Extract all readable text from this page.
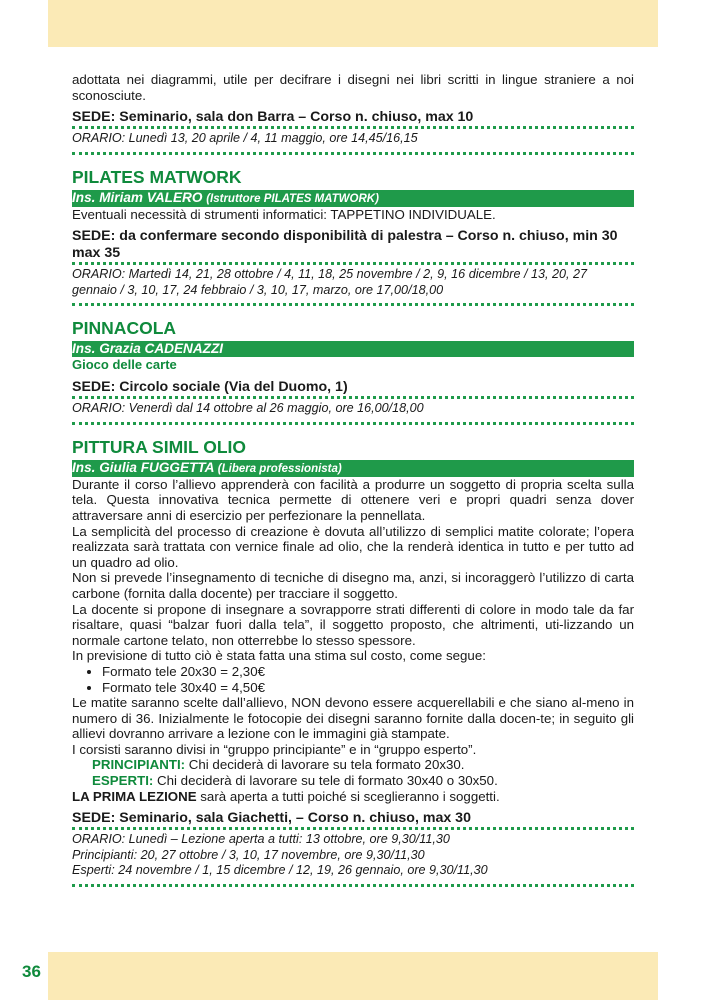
adottata nei diagrammi, utile per decifrare i disegni nei libri scritti in lingue straniere a noi sconosciute.

SEDE: Seminario, sala don Barra – Corso n. chiuso, max 10
ORARIO: Lunedì 13, 20 aprile / 4, 11 maggio, ore 14,45/16,15
PILATES MATWORK
Ins. Miriam VALERO (Istruttore PILATES MATWORK)

Eventuali necessità di strumenti informatici: TAPPETINO INDIVIDUALE.

SEDE: da confermare secondo disponibilità di palestra – Corso n. chiuso, min 30 max 35
ORARIO: Martedì 14, 21, 28 ottobre / 4, 11, 18, 25 novembre / 2, 9, 16 dicembre / 13, 20, 27 gennaio / 3, 10, 17, 24 febbraio / 3, 10, 17, marzo, ore 17,00/18,00
PINNACOLA
Ins. Grazia CADENAZZI
Gioco delle carte
SEDE: Circolo sociale (Via del Duomo, 1)
ORARIO: Venerdì dal 14 ottobre al 26 maggio, ore 16,00/18,00
PITTURA SIMIL OLIO
Ins. Giulia FUGGETTA (Libera professionista)

Durante il corso l’allievo apprenderà con facilità a produrre un soggetto di propria scelta sulla tela. Questa innovativa tecnica permette di ottenere veri e propri quadri senza dover attraversare anni di esercizio per perfezionare la pennellata.

La semplicità del processo di creazione è dovuta all’utilizzo di semplici matite colorate; l’opera realizzata sarà trattata con vernice finale ad olio, che la renderà identica in tutto e per tutto ad un quadro ad olio.

Non si prevede l’insegnamento di tecniche di disegno ma, anzi, si incoraggerò l’utilizzo di carta carbone (fornita dalla docente) per tracciare il soggetto.

La docente si propone di insegnare a sovrapporre strati differenti di colore in modo tale da far risaltare, quasi “balzar fuori dalla tela”, il soggetto proposto, che altrimenti, uti-lizzando un normale cartone telato, non otterrebbe lo stesso spessore.

In previsione di tutto ciò è stata fatta una stima sul costo, come segue:

• Formato tele 20x30 = 2,30€
• Formato tele 30x40 = 4,50€

Le matite saranno scelte dall’allievo, NON devono essere acquerellabili e che siano al-meno in numero di 36. Inizialmente le fotocopie dei disegni saranno fornite dalla docen-te; in seguito gli allievi dovranno arrivare a lezione con le immagini già stampate.

I corsisti saranno divisi in “gruppo principiante” e in “gruppo esperto”.

PRINCIPIANTI: Chi deciderà di lavorare su tela formato 20x30.
ESPERTI: Chi deciderà di lavorare su tele di formato 30x40 o 30x50.
LA PRIMA LEZIONE sarà aperta a tutti poiché si sceglieranno i soggetti.
SEDE: Seminario, sala Giachetti, – Corso n. chiuso, max 30
ORARIO: Lunedì – Lezione aperta a tutti: 13 ottobre, ore 9,30/11,30
Principianti: 20, 27 ottobre / 3, 10, 17 novembre, ore 9,30/11,30
Esperti: 24 novembre / 1, 15 dicembre / 12, 19, 26 gennaio, ore 9,30/11,30
36
